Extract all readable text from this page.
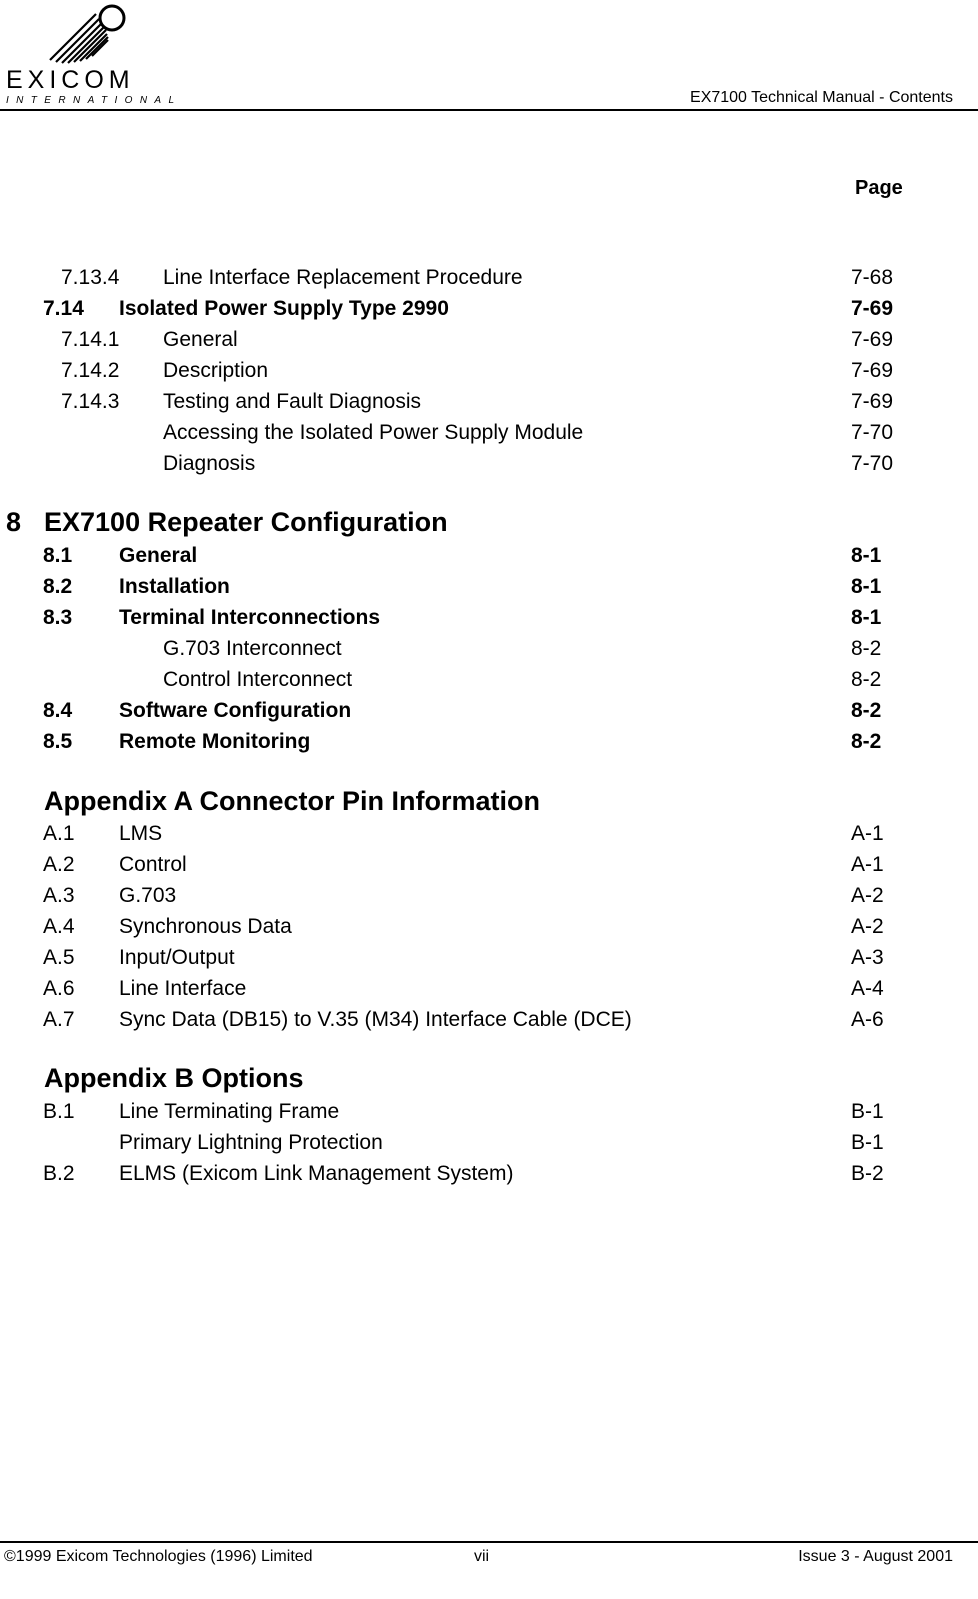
EXICOM
INTERNATIONAL	EX7100 Technical Manual - Contents
Page
7.13.4 Line Interface Replacement Procedure	7-68
7.14 Isolated Power Supply Type 2990	7-69
7.14.1 General	7-69
7.14.2 Description	7-69
7.14.3 Testing and Fault Diagnosis	7-69
Accessing the Isolated Power Supply Module	7-70
Diagnosis	7-70
8 EX7100 Repeater Configuration
8.1 General	8-1
8.2 Installation	8-1
8.3 Terminal Interconnections	8-1
G.703 Interconnect	8-2
Control Interconnect	8-2
8.4 Software Configuration	8-2
8.5 Remote Monitoring	8-2
Appendix A Connector Pin Information
A.1 LMS	A-1
A.2 Control	A-1
A.3 G.703	A-2
A.4 Synchronous Data	A-2
A.5 Input/Output	A-3
A.6 Line Interface	A-4
A.7 Sync Data (DB15) to V.35 (M34) Interface Cable (DCE)	A-6
Appendix B Options
B.1 Line Terminating Frame	B-1
Primary Lightning Protection	B-1
B.2 ELMS (Exicom Link Management System)	B-2
©1999 Exicom Technologies (1996) Limited	vii	Issue 3 - August 2001
